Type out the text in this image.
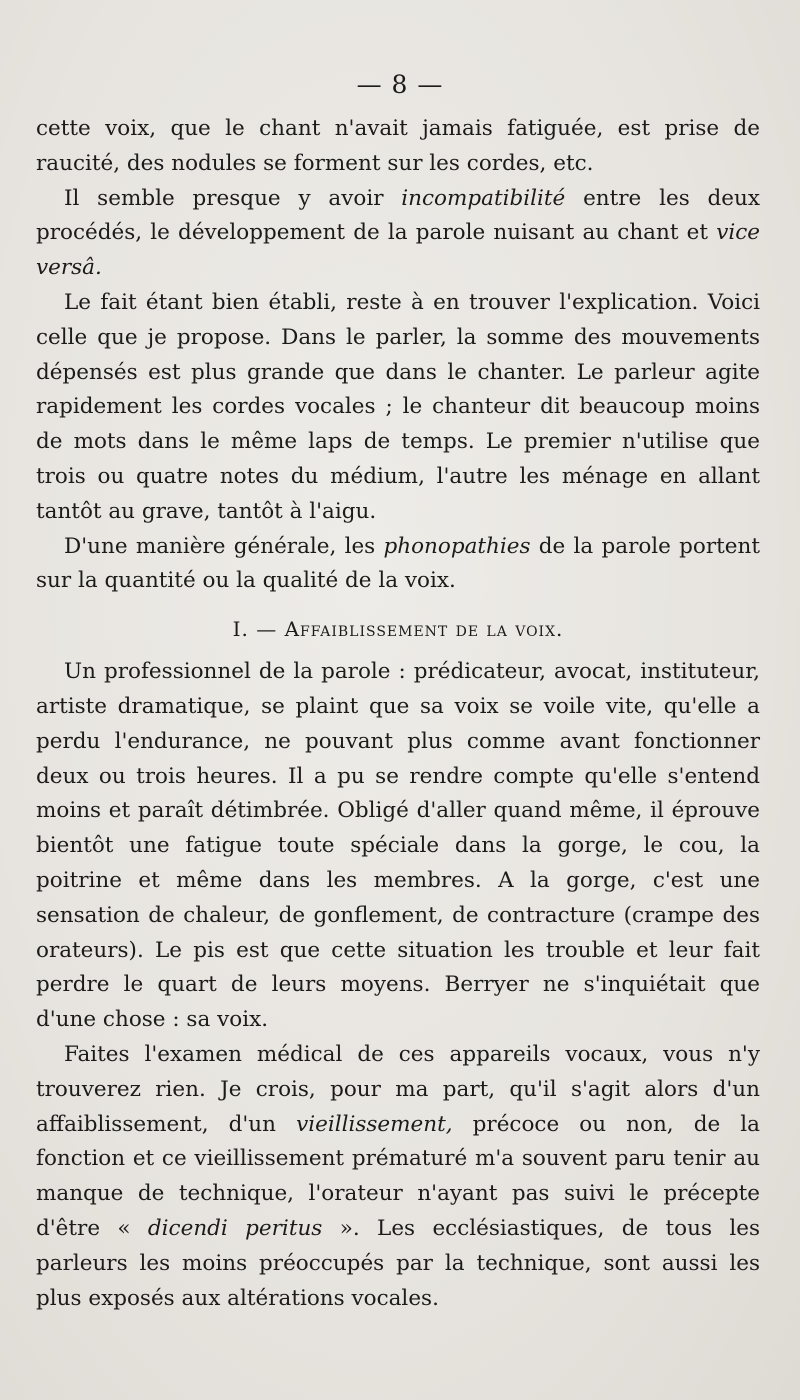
— 8 —

cette voix, que le chant n'avait jamais fatiguée, est prise de raucité, des nodules se forment sur les cordes, etc.

Il semble presque y avoir incompatibilité entre les deux procédés, le développement de la parole nuisant au chant et vice versâ.

Le fait étant bien établi, reste à en trouver l'explication. Voici celle que je propose. Dans le parler, la somme des mouvements dépensés est plus grande que dans le chanter. Le parleur agite rapidement les cordes vocales ; le chanteur dit beaucoup moins de mots dans le même laps de temps. Le premier n'utilise que trois ou quatre notes du médium, l'autre les ménage en allant tantôt au grave, tantôt à l'aigu.

D'une manière générale, les phonopathies de la parole portent sur la quantité ou la qualité de la voix.

I. — Affaiblissement de la voix.

Un professionnel de la parole : prédicateur, avocat, instituteur, artiste dramatique, se plaint que sa voix se voile vite, qu'elle a perdu l'endurance, ne pouvant plus comme avant fonctionner deux ou trois heures. Il a pu se rendre compte qu'elle s'entend moins et paraît détimbrée. Obligé d'aller quand même, il éprouve bientôt une fatigue toute spéciale dans la gorge, le cou, la poitrine et même dans les membres. A la gorge, c'est une sensation de chaleur, de gonflement, de contracture (crampe des orateurs). Le pis est que cette situation les trouble et leur fait perdre le quart de leurs moyens. Berryer ne s'inquiétait que d'une chose : sa voix.

Faites l'examen médical de ces appareils vocaux, vous n'y trouverez rien. Je crois, pour ma part, qu'il s'agit alors d'un affaiblissement, d'un vieillissement, précoce ou non, de la fonction et ce vieillissement prématuré m'a souvent paru tenir au manque de technique, l'orateur n'ayant pas suivi le précepte d'être « dicendi peritus ». Les ecclésiastiques, de tous les parleurs les moins préoccupés par la technique, sont aussi les plus exposés aux altérations vocales.
